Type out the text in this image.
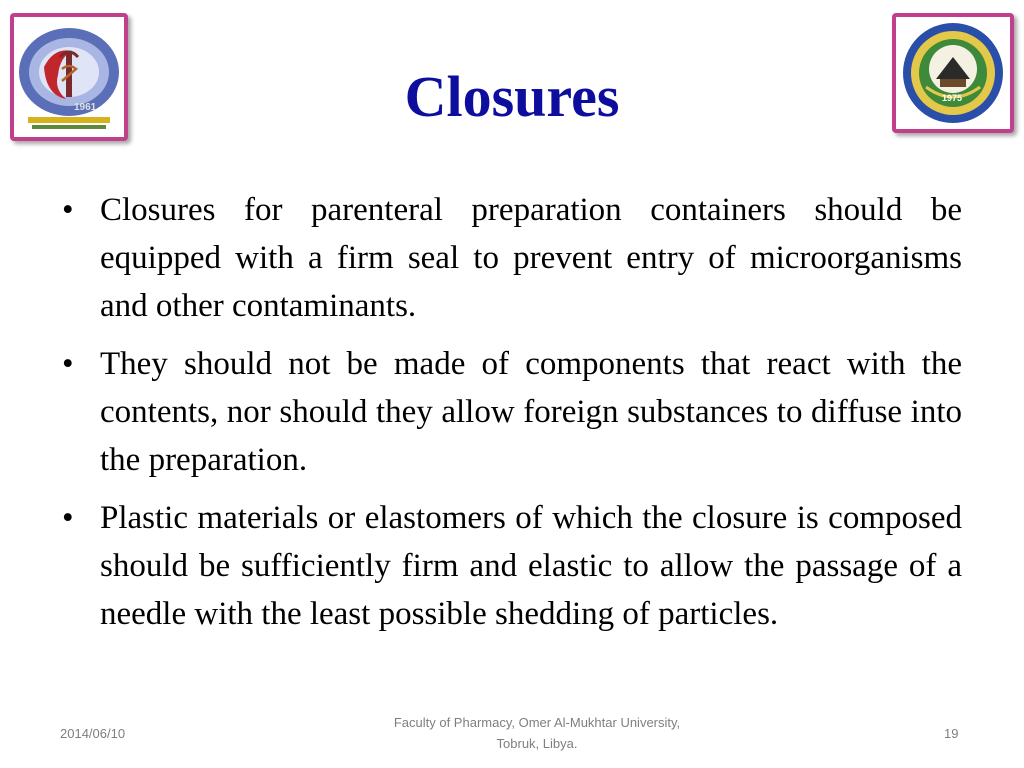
1961
1975
Closures
• Closures for parenteral preparation containers should be equipped with a firm seal to prevent entry of microorganisms and other contaminants.
• They should not be made of components that react with the contents, nor should they allow foreign substances to diffuse into the preparation.
• Plastic materials or elastomers of which the closure is composed should be sufficiently firm and elastic to allow the passage of a needle with the least possible shedding of particles.
2014/06/10
Faculty of Pharmacy, Omer Al-Mukhtar University,
Tobruk, Libya.
19
